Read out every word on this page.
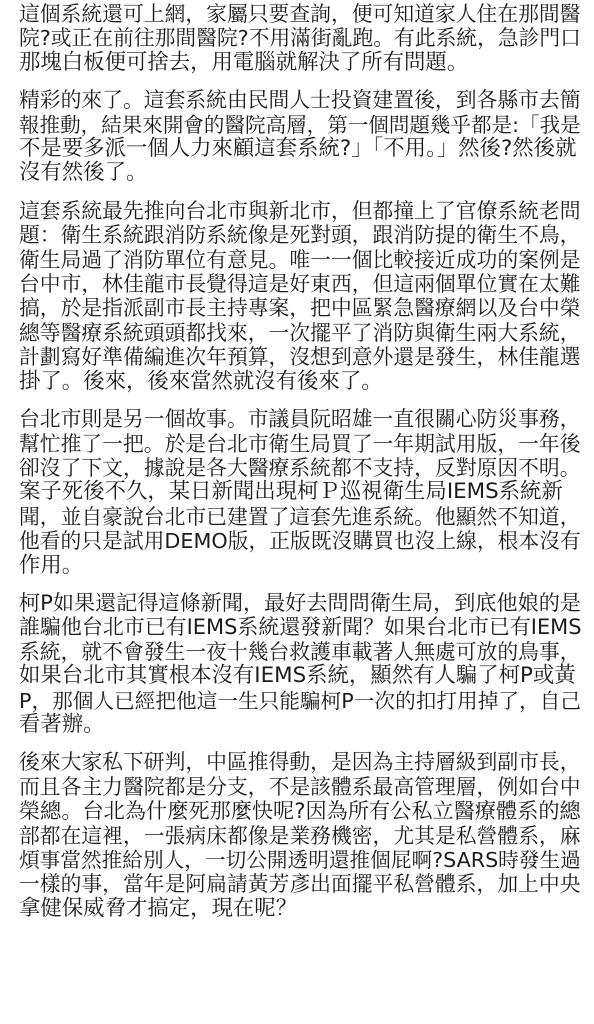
這個系統還可上網，家屬只要查詢，便可知道家人住在那間醫
院?或正在前往那間醫院?不用滿街亂跑。有此系統，急診門口
那塊白板便可捨去，用電腦就解決了所有問題。
精彩的來了。這套系統由民間人士投資建置後，到各縣市去簡
報推動，結果來開會的醫院高層，第一個問題幾乎都是:「我是
不是要多派一個人力來顧這套系統?」「不用。」然後?然後就
沒有然後了。
這套系統最先推向台北市與新北市，但都撞上了官僚系統老問
題：衛生系統跟消防系統像是死對頭，跟消防提的衛生不鳥，
衛生局過了消防單位有意見。唯一一個比較接近成功的案例是
台中市，林佳龍市長覺得這是好東西，但這兩個單位實在太難
搞，於是指派副市長主持專案，把中區緊急醫療網以及台中榮
總等醫療系統頭頭都找來，一次擺平了消防與衛生兩大系統，
計劃寫好準備編進次年預算，沒想到意外還是發生，林佳龍選
掛了。後來，後來當然就沒有後來了。
台北市則是另一個故事。市議員阮昭雄一直很關心防災事務，
幫忙推了一把。於是台北市衛生局買了一年期試用版，一年後
卻沒了下文，據說是各大醫療系統都不支持，反對原因不明。
案子死後不久，某日新聞出現柯Ｐ巡視衛生局IEMS系統新
聞，並自豪說台北市已建置了這套先進系統。他顯然不知道，
他看的只是試用DEMO版，正版既沒購買也沒上線，根本沒有
作用。
柯P如果還記得這條新聞，最好去問問衛生局，到底他娘的是
誰騙他台北市已有IEMS系統還發新聞？如果台北市已有IEMS
系統，就不會發生一夜十幾台救護車載著人無處可放的鳥事，
如果台北市其實根本沒有IEMS系統，顯然有人騙了柯P或黃
P，那個人已經把他這一生只能騙柯P一次的扣打用掉了，自己
看著辦。
後來大家私下研判，中區推得動，是因為主持層級到副市長，
而且各主力醫院都是分支，不是該體系最高管理層，例如台中
榮總。台北為什麼死那麼快呢?因為所有公私立醫療體系的總
部都在這裡，一張病床都像是業務機密，尤其是私營體系，麻
煩事當然推給別人，一切公開透明還推個屁啊?SARS時發生過
一樣的事，當年是阿扁請黃芳彥出面擺平私營體系，加上中央
拿健保威脅才搞定，現在呢？
